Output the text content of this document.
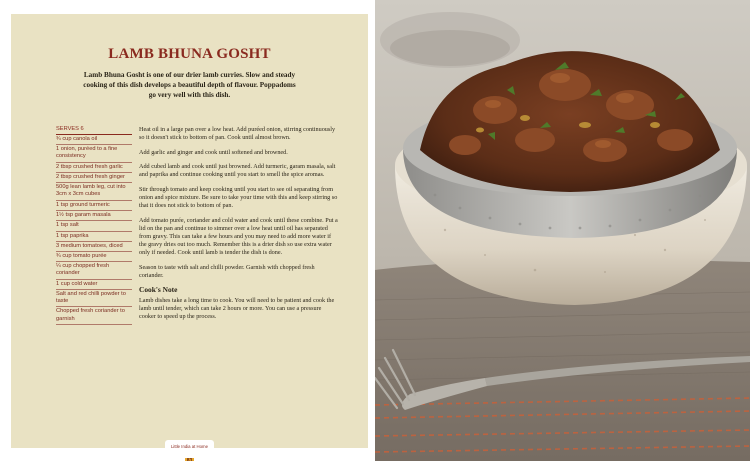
LAMB BHUNA GOSHT

Lamb Bhuna Gosht is one of our drier lamb curries. Slow and steady cooking of this dish develops a beautiful depth of flavour. Poppadoms go very well with this dish.

SERVES 6
¾ cup canola oil
1 onion, puréed to a fine consistency
2 tbsp crushed fresh garlic
2 tbsp crushed fresh ginger
500g lean lamb leg, cut into 3cm x 3cm cubes
1 tsp ground turmeric
1½ tsp garam masala
1 tsp salt
1 tsp paprika
3 medium tomatoes, diced
¾ cup tomato purée
¼ cup chopped fresh coriander
1 cup cold water
Salt and red chilli powder to taste
Chopped fresh coriander to garnish

Heat oil in a large pan over a low heat. Add puréed onion, stirring continuously so it doesn't stick to bottom of pan. Cook until almost brown.

Add garlic and ginger and cook until softened and browned.

Add cubed lamb and cook until just browned. Add turmeric, garam masala, salt and paprika and continue cooking until you start to smell the spice aromas.

Stir through tomato and keep cooking until you start to see oil separating from onion and spice mixture. Be sure to take your time with this and keep stirring so that it does not stick to bottom of pan.

Add tomato purée, coriander and cold water and cook until these combine. Put a lid on the pan and continue to simmer over a low heat until oil has separated from gravy. This can take a few hours and you may need to add more water if the gravy dries out too much. Remember this is a drier dish so use extra water only if needed. Cook until lamb is tender the dish is done.

Season to taste with salt and chilli powder. Garnish with chopped fresh coriander.

Cook's Note

Lamb dishes take a long time to cook. You will need to be patient and cook the lamb until tender, which can take 2 hours or more. You can use a pressure cooker to speed up the process.

Little India at Home
83
